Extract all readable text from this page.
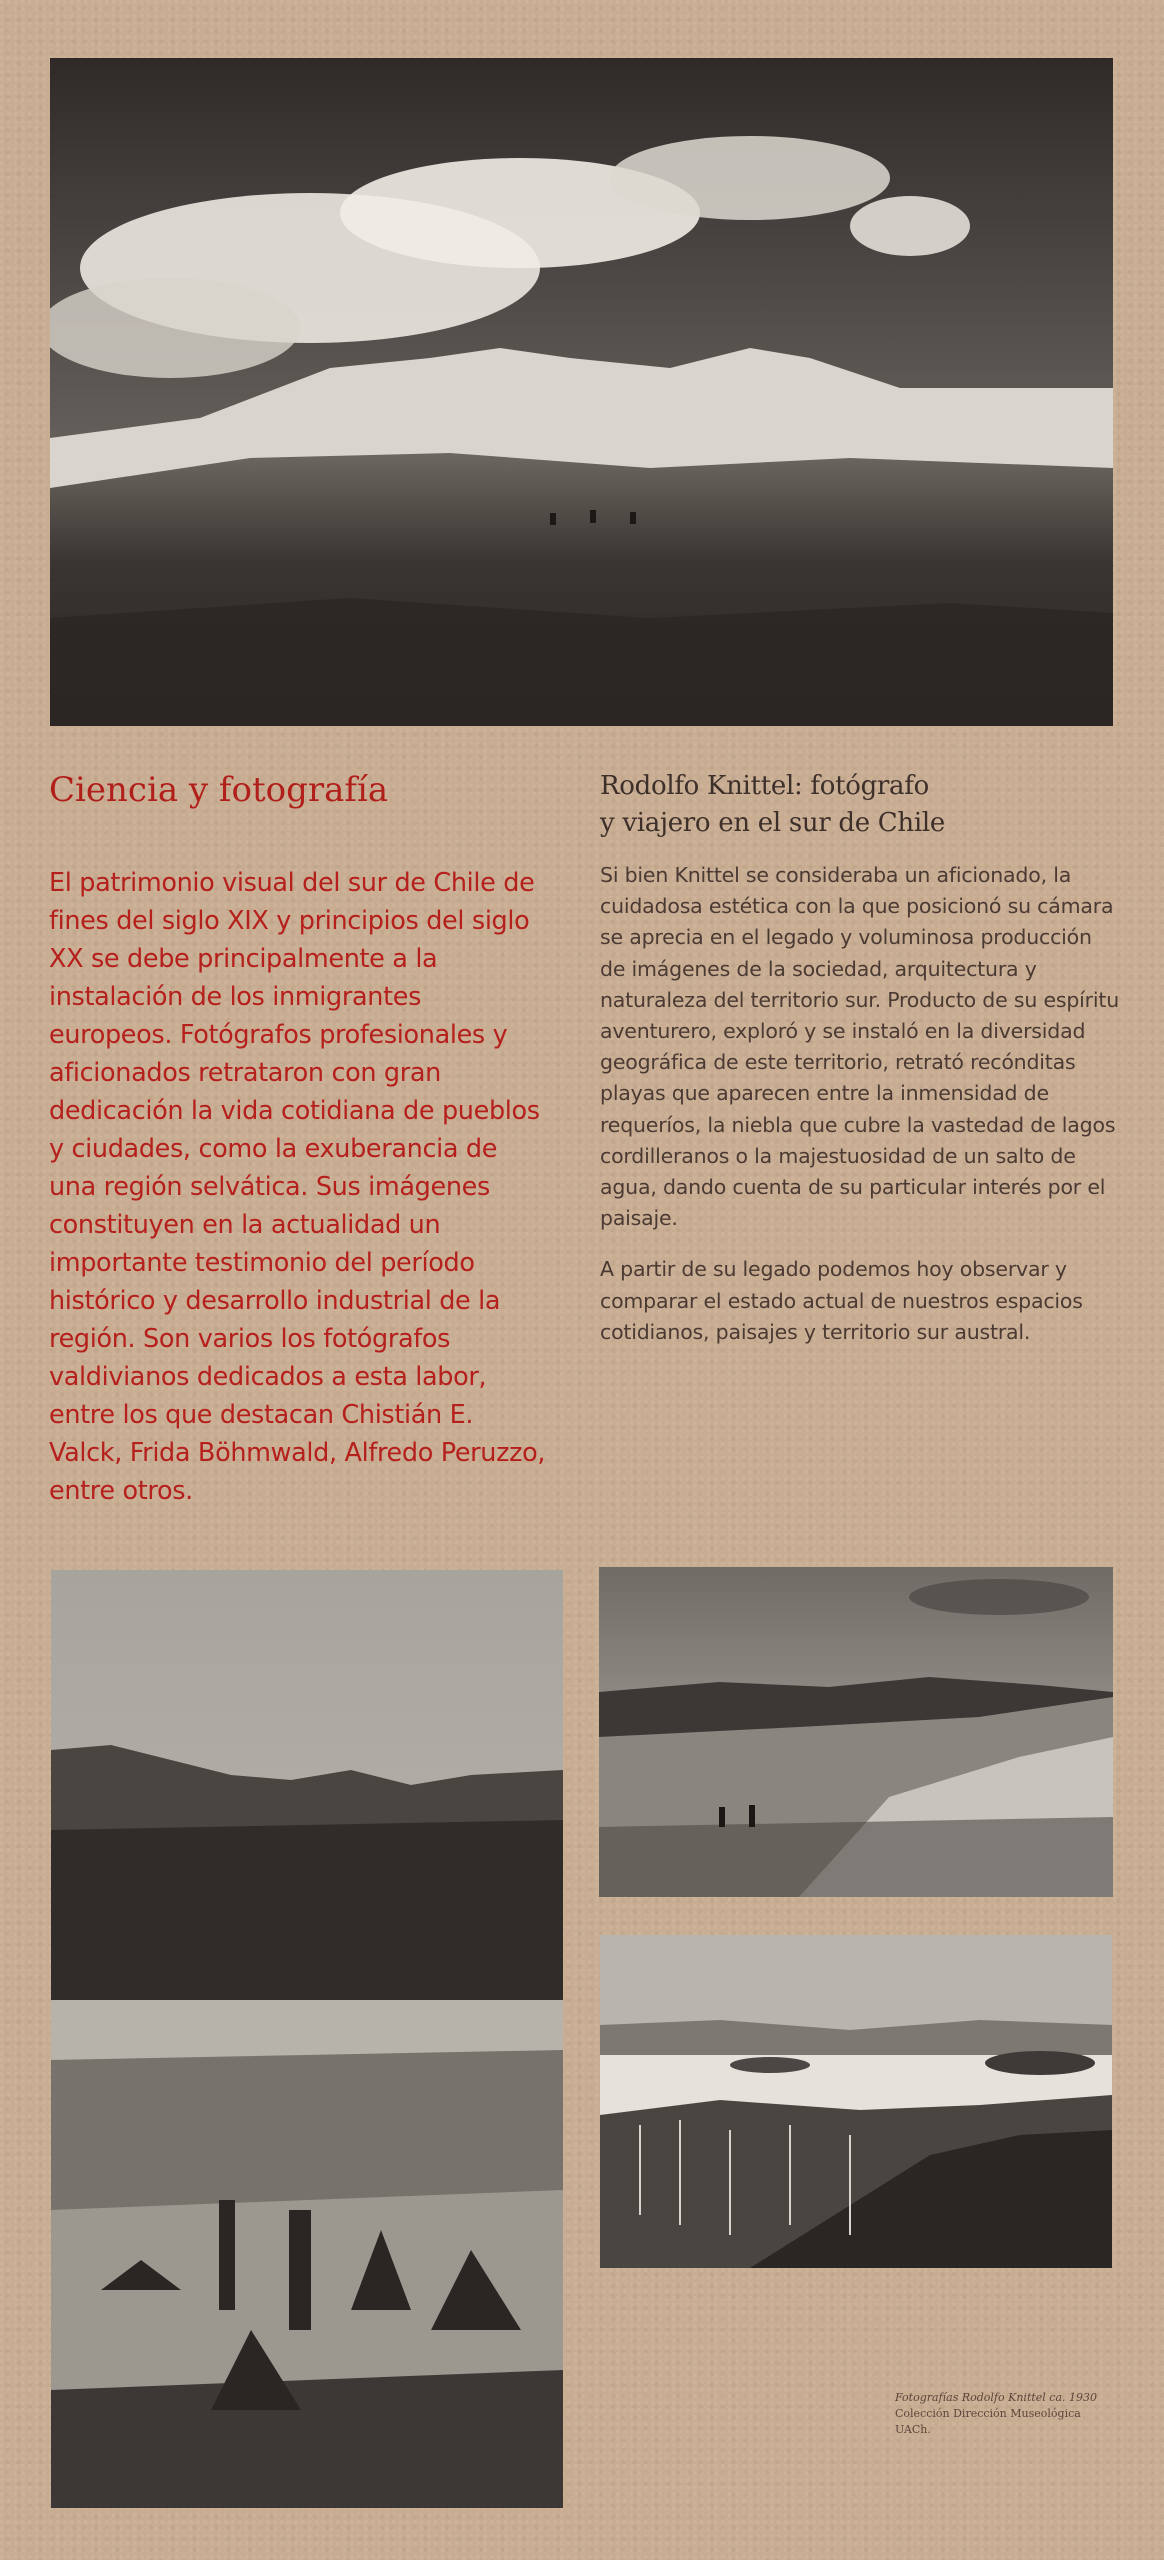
Ciencia y fotografía

El patrimonio visual del sur de Chile de fines del siglo XIX y principios del siglo XX se debe principalmente a la instalación de los inmigrantes europeos. Fotógrafos profesionales y aficionados retrataron con gran dedicación la vida cotidiana de pueblos y ciudades, como la exuberancia de una región selvática. Sus imágenes constituyen en la actualidad un importante testimonio del período histórico y desarrollo industrial de la región. Son varios los fotógrafos valdivianos dedicados a esta labor, entre los que destacan Chistián E. Valck, Frida Böhmwald, Alfredo Peruzzo, entre otros.

Rodolfo Knittel: fotógrafo
y viajero en el sur de Chile

Si bien Knittel se consideraba un aficionado, la cuidadosa estética con la que posicionó su cámara se aprecia en el legado y voluminosa producción de imágenes de la sociedad, arquitectura y naturaleza del territorio sur. Producto de su espíritu aventurero, exploró y se instaló en la diversidad geográfica de este territorio, retrató recónditas playas que aparecen entre la inmensidad de requeríos, la niebla que cubre la vastedad de lagos cordilleranos o la majestuosidad de un salto de agua, dando cuenta de su particular interés por el paisaje.

A partir de su legado podemos hoy observar y comparar el estado actual de nuestros espacios cotidianos, paisajes y territorio sur austral.

Fotografías Rodolfo Knittel ca. 1930
Colección Dirección Museológica UACh.
